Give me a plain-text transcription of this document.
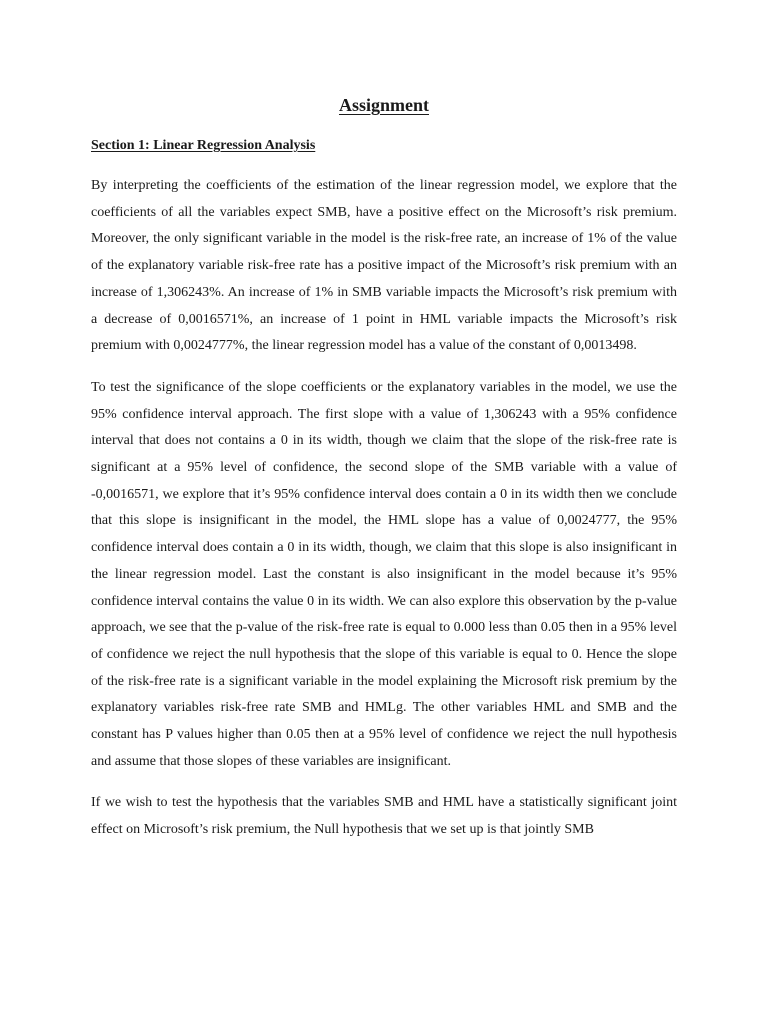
Assignment
Section 1: Linear Regression Analysis

By interpreting the coefficients of the estimation of the linear regression model, we explore that the coefficients of all the variables expect SMB, have a positive effect on the Microsoft’s risk premium. Moreover, the only significant variable in the model is the risk-free rate, an increase of 1% of the value of the explanatory variable risk-free rate has a positive impact of the Microsoft’s risk premium with an increase of 1,306243%. An increase of 1% in SMB variable impacts the Microsoft’s risk premium with a decrease of 0,0016571%, an increase of 1 point in HML variable impacts the Microsoft’s risk premium with 0,0024777%, the linear regression model has a value of the constant of 0,0013498.

To test the significance of the slope coefficients or the explanatory variables in the model, we use the 95% confidence interval approach. The first slope with a value of 1,306243 with a 95% confidence interval that does not contains a 0 in its width, though we claim that the slope of the risk-free rate is significant at a 95% level of confidence, the second slope of the SMB variable with a value of -0,0016571, we explore that it’s 95% confidence interval does contain a 0 in its width then we conclude that this slope is insignificant in the model, the HML slope has a value of 0,0024777, the 95% confidence interval does contain a 0 in its width, though, we claim that this slope is also insignificant in the linear regression model. Last the constant is also insignificant in the model because it’s 95% confidence interval contains the value 0 in its width. We can also explore this observation by the p-value approach, we see that the p-value of the risk-free rate is equal to 0.000 less than 0.05 then in a 95% level of confidence we reject the null hypothesis that the slope of this variable is equal to 0. Hence the slope of the risk-free rate is a significant variable in the model explaining the Microsoft risk premium by the explanatory variables risk-free rate SMB and HMLg. The other variables HML and SMB and the constant has P values higher than 0.05 then at a 95% level of confidence we reject the null hypothesis and assume that those slopes of these variables are insignificant.

If we wish to test the hypothesis that the variables SMB and HML have a statistically significant joint effect on Microsoft’s risk premium, the Null hypothesis that we set up is that jointly SMB
